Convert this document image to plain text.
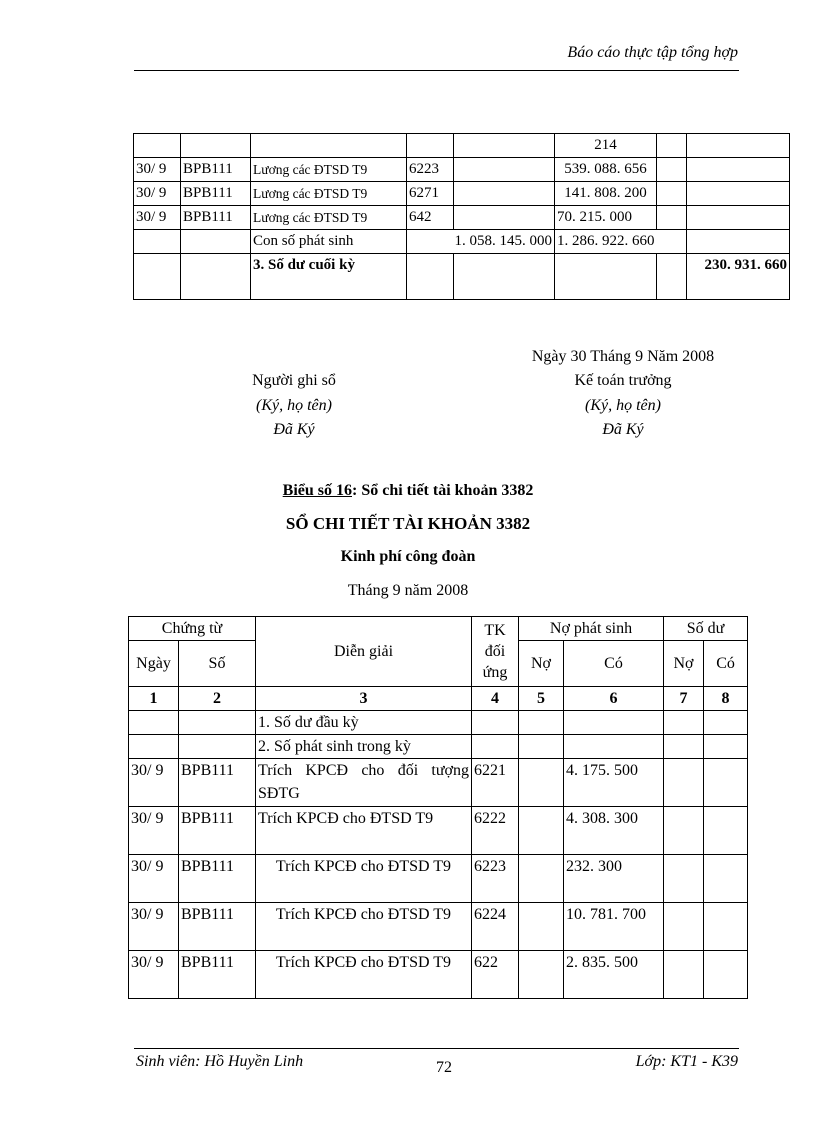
Báo cáo thực tập tổng hợp
					214		
30/ 9	BPB111	Lương các ĐTSD T9	6223		539. 088. 656		
30/ 9	BPB111	Lương các ĐTSD T9	6271		141. 808. 200		
30/ 9	BPB111	Lương các ĐTSD T9	642		70. 215. 000		
		Con số phát sinh	1. 058. 145. 000		1. 286. 922. 660		
		3. Số dư cuối kỳ					230. 931. 660
Ngày 30 Tháng 9 Năm 2008
Người ghi sổ
(Ký, họ tên)
Đã Ký
Kế toán trưởng
(Ký, họ tên)
Đã Ký
Biểu số 16: Sổ chi tiết tài khoản 3382
SỔ CHI TIẾT TÀI KHOẢN 3382
Kinh phí công đoàn
Tháng 9 năm 2008
Chứng từ		Diễn giải	TK đối ứng	Nợ phát sinh		Số dư	
Ngày	Số			Nợ	Có	Nợ	Có
1	2	3	4	5	6	7	8
		1. Số dư đầu kỳ					
		2. Số phát sinh trong kỳ					
30/ 9	BPB111	Trích KPCĐ cho đối tượng SĐTG	6221		4. 175. 500		
30/ 9	BPB111	Trích KPCĐ cho ĐTSD T9	6222		4. 308. 300		
30/ 9	BPB111	Trích KPCĐ cho ĐTSD T9	6223		232. 300		
30/ 9	BPB111	Trích KPCĐ cho ĐTSD T9	6224		10. 781. 700		
30/ 9	BPB111	Trích KPCĐ cho ĐTSD T9	622		2. 835. 500		
Sinh viên: Hồ Huyền Linh	72	Lớp: KT1 - K39
